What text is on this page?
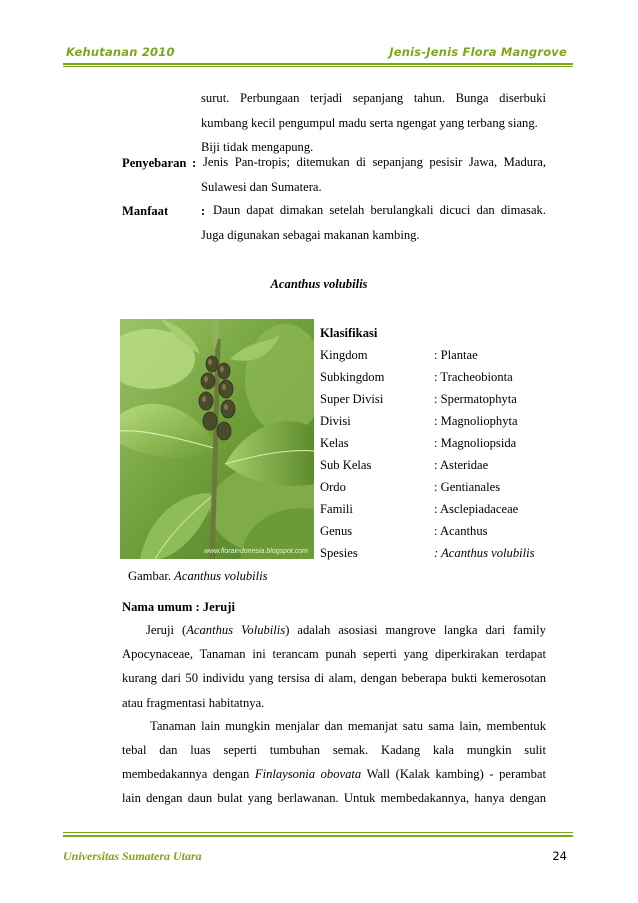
Kehutanan 2010	Jenis-Jenis Flora Mangrove
surut. Perbungaan terjadi sepanjang tahun. Bunga diserbuki
kumbang kecil pengumpul madu serta ngengat yang terbang siang.
Biji tidak mengapung.
Penyebaran : Jenis Pan-tropis; ditemukan di sepanjang pesisir Jawa, Madura,
Sulawesi dan Sumatera.
Manfaat	: Daun dapat dimakan setelah berulangkali dicuci dan dimasak.
Juga digunakan sebagai makanan kambing.
Acanthus volubilis
www.floraindonesia.blogspot.com
Gambar. Acanthus volubilis
Klasifikasi
Kingdom	: Plantae
Subkingdom	: Tracheobionta
Super Divisi	: Spermatophyta
Divisi	: Magnoliophyta
Kelas	: Magnoliopsida
Sub Kelas	: Asteridae
Ordo	: Gentianales
Famili	: Asclepiadaceae
Genus	: Acanthus
Spesies	: Acanthus volubilis
Nama umum : Jeruji
Jeruji (Acanthus Volubilis) adalah asosiasi mangrove langka dari family
Apocynaceae, Tanaman ini terancam punah seperti yang diperkirakan terdapat
kurang dari 50 individu yang tersisa di alam, dengan beberapa bukti kemerosotan
atau fragmentasi habitatnya.
Tanaman lain mungkin menjalar dan memanjat satu sama lain, membentuk
tebal dan luas seperti tumbuhan semak. Kadang kala mungkin sulit
membedakannya dengan Finlaysonia obovata Wall (Kalak kambing) - perambat
lain dengan daun bulat yang berlawanan. Untuk membedakannya, hanya dengan
Universitas Sumatera Utara	24
